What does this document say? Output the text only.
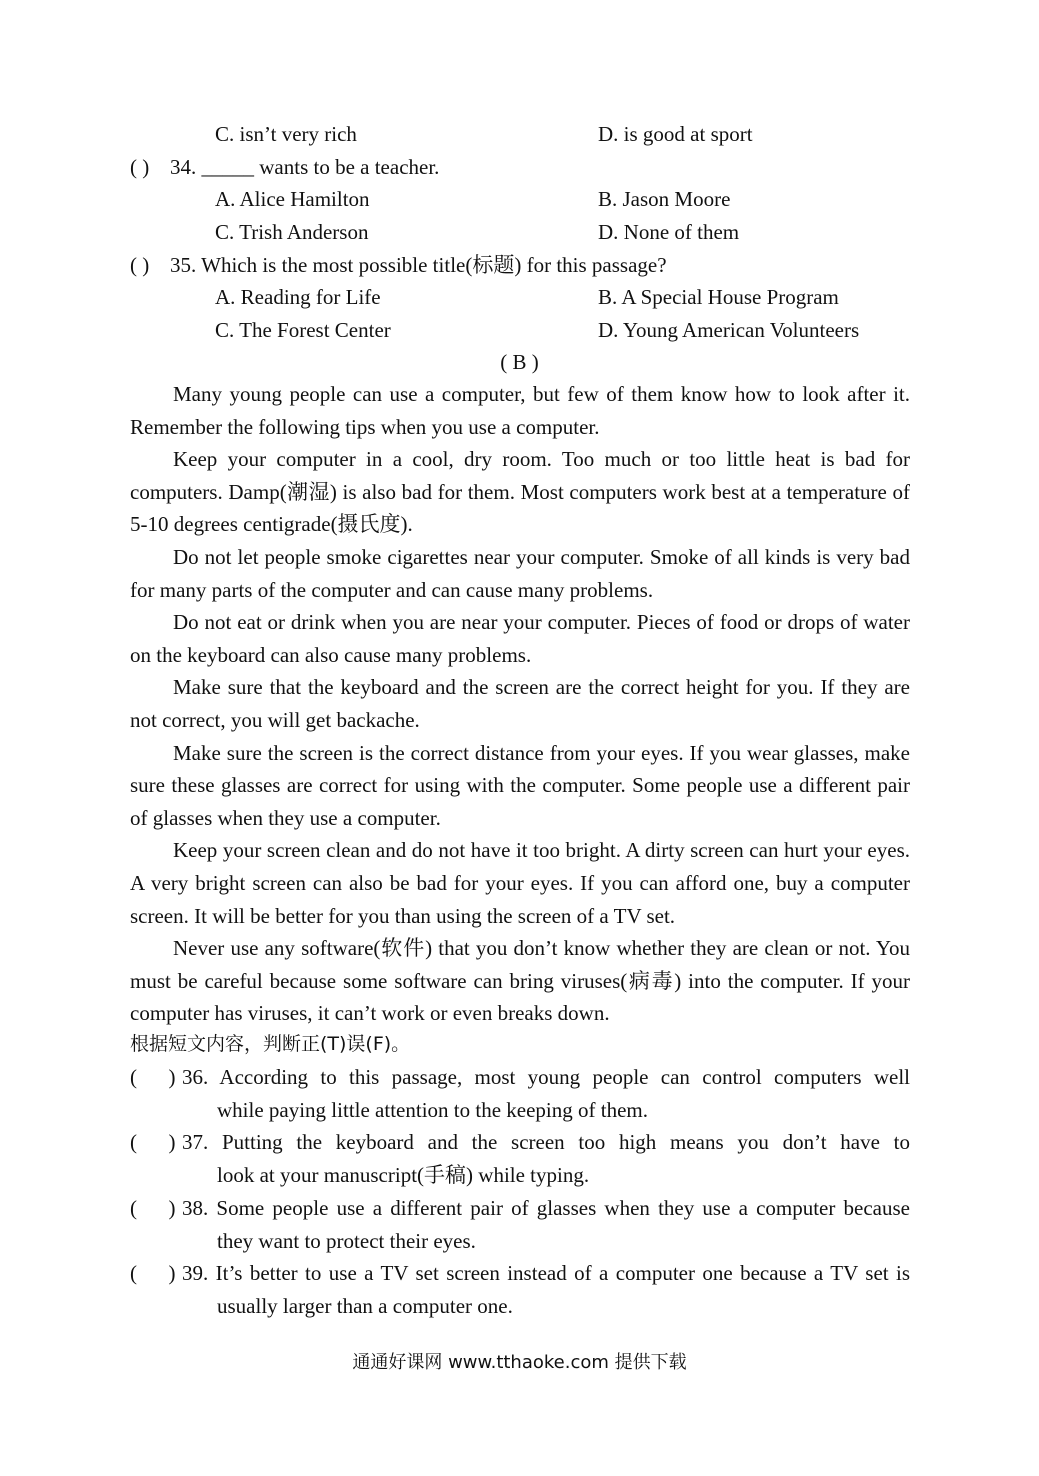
C. isn’t very rich	D. is good at sport
( ) 34. _____ wants to be a teacher.
A. Alice Hamilton	B. Jason Moore
C. Trish Anderson	D. None of them
( ) 35. Which is the most possible title(标题) for this passage?
A. Reading for Life	B. A Special House Program
C. The Forest Center	D. Young American Volunteers
( B )

Many young people can use a computer, but few of them know how to look after it. Remember the following tips when you use a computer.

Keep your computer in a cool, dry room. Too much or too little heat is bad for computers. Damp(潮湿) is also bad for them. Most computers work best at a temperature of 5-10 degrees centigrade(摄氏度).

Do not let people smoke cigarettes near your computer. Smoke of all kinds is very bad for many parts of the computer and can cause many problems.

Do not eat or drink when you are near your computer. Pieces of food or drops of water on the keyboard can also cause many problems.

Make sure that the keyboard and the screen are the correct height for you. If they are not correct, you will get backache.

Make sure the screen is the correct distance from your eyes. If you wear glasses, make sure these glasses are correct for using with the computer. Some people use a different pair of glasses when they use a computer.

Keep your screen clean and do not have it too bright. A dirty screen can hurt your eyes. A very bright screen can also be bad for your eyes. If you can afford one, buy a computer screen. It will be better for you than using the screen of a TV set.

Never use any software(软件) that you don’t know whether they are clean or not. You must be careful because some software can bring viruses(病毒) into the computer. If your computer has viruses, it can’t work or even breaks down.

根据短文内容，判断正(T)误(F)。
(      ) 36. According to this passage, most young people can control computers well
while paying little attention to the keeping of them.
(      ) 37. Putting the keyboard and the screen too high means you don’t have to
look at your manuscript(手稿) while typing.
(      ) 38. Some people use a different pair of glasses when they use a computer because
they want to protect their eyes.
(      ) 39. It’s better to use a TV set screen instead of a computer one because a TV set is
usually larger than a computer one.
通通好课网 www.tthaoke.com 提供下载
